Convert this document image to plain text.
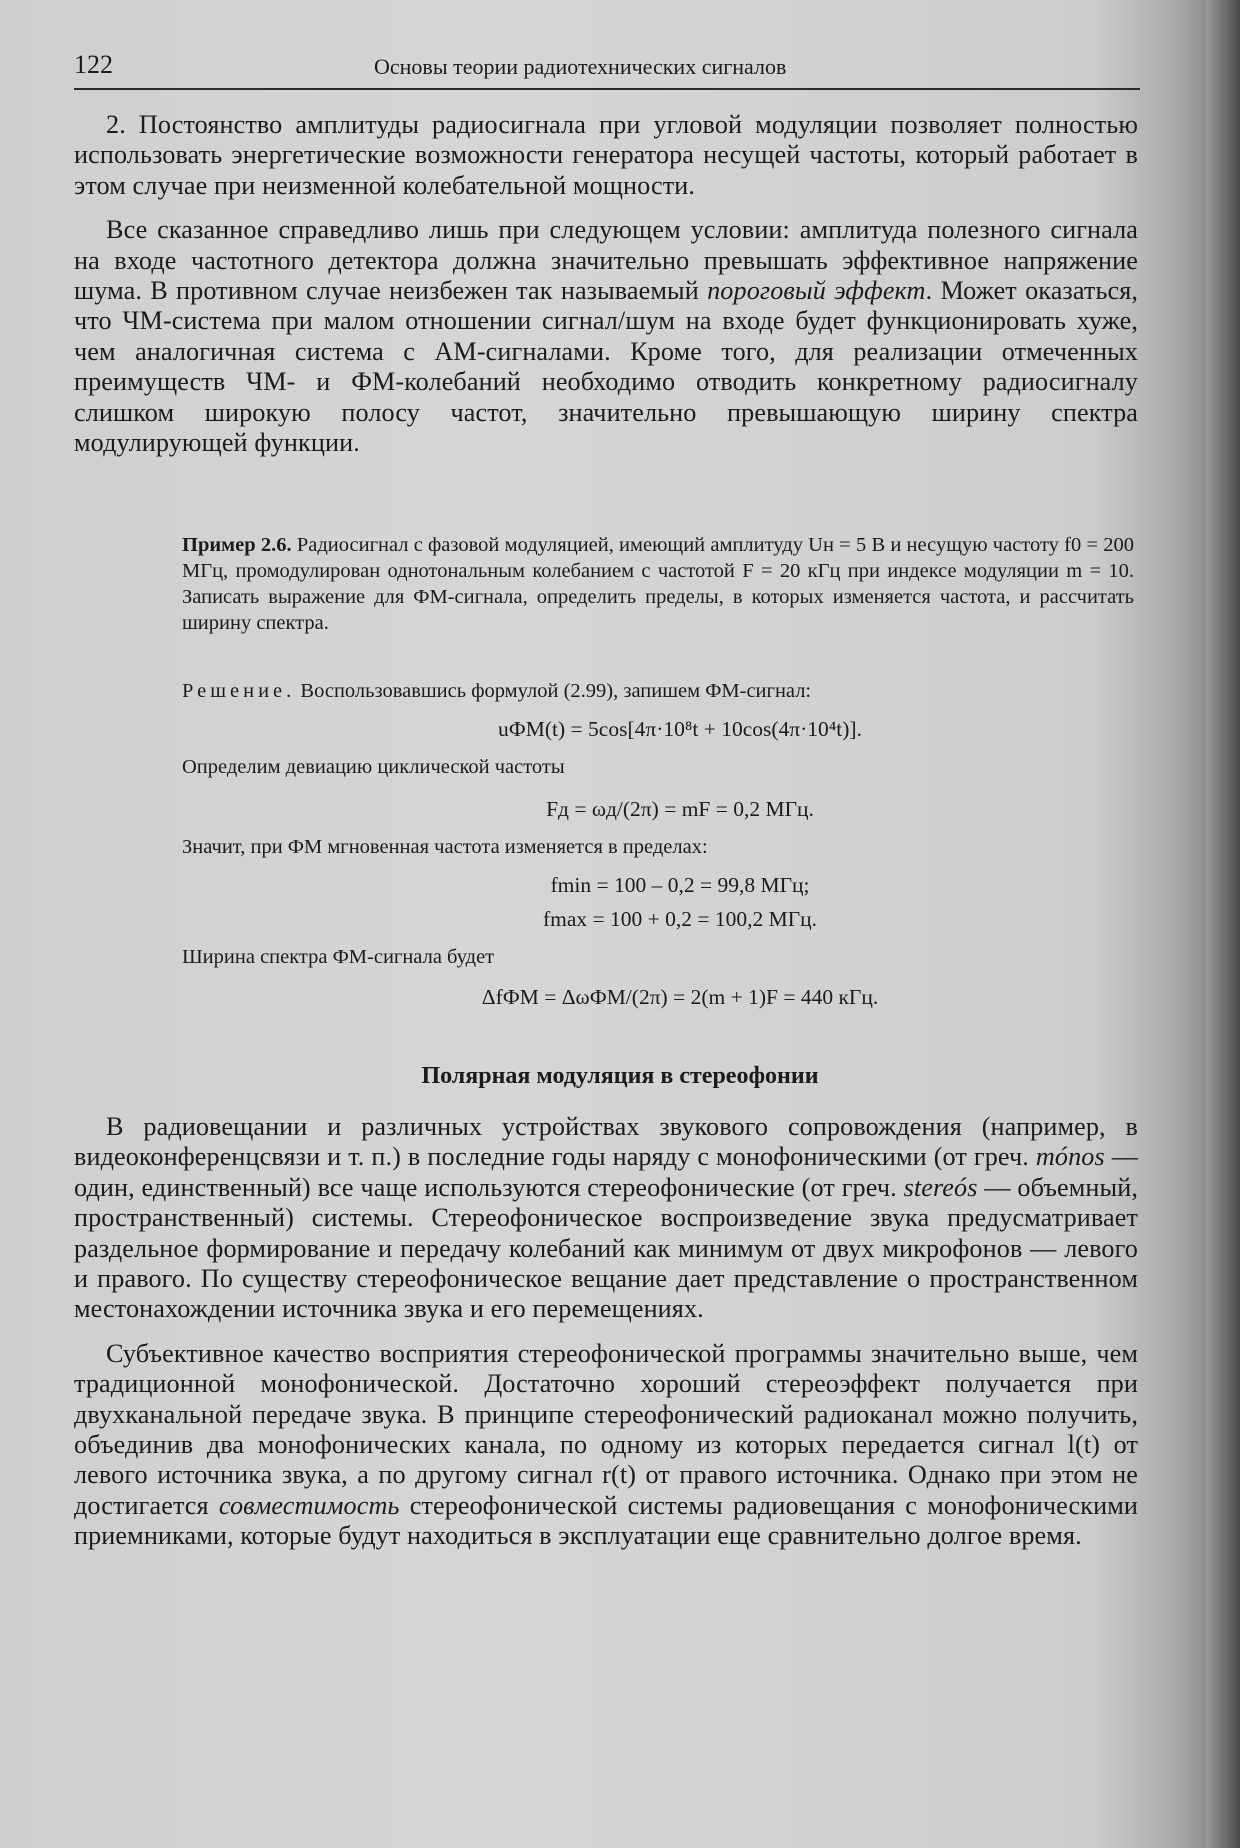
122	Основы теории радиотехнических сигналов

2. Постоянство амплитуды радиосигнала при угловой модуляции позволяет полностью использовать энергетические возможности генератора несущей частоты, который работает в этом случае при неизменной колебательной мощности.

Все сказанное справедливо лишь при следующем условии: амплитуда полезного сигнала на входе частотного детектора должна значительно превышать эффективное напряжение шума. В противном случае неизбежен так называемый пороговый эффект. Может оказаться, что ЧМ-система при малом отношении сигнал/шум на входе будет функционировать хуже, чем аналогичная система с АМ-сигналами. Кроме того, для реализации отмеченных преимуществ ЧМ- и ФМ-колебаний необходимо отводить конкретному радиосигналу слишком широкую полосу частот, значительно превышающую ширину спектра модулирующей функции.

Пример 2.6. Радиосигнал с фазовой модуляцией, имеющий амплитуду Uн = 5 В и несущую частоту f0 = 200 МГц, промодулирован однотональным колебанием с частотой F = 20 кГц при индексе модуляции m = 10. Записать выражение для ФМ-сигнала, определить пределы, в которых изменяется частота, и рассчитать ширину спектра.
Решение. Воспользовавшись формулой (2.99), запишем ФМ-сигнал:
uФМ(t) = 5cos[4π·10⁸t + 10cos(4π·10⁴t)].
Определим девиацию циклической частоты
Fд = ωд/(2π) = mF = 0,2 МГц.
Значит, при ФМ мгновенная частота изменяется в пределах:
fmin = 100 – 0,2 = 99,8 МГц;
fmax = 100 + 0,2 = 100,2 МГц.
Ширина спектра ФМ-сигнала будет
ΔfФМ = ΔωФМ/(2π) = 2(m + 1)F = 440 кГц.
Полярная модуляция в стереофонии

В радиовещании и различных устройствах звукового сопровождения (например, в видеоконференцсвязи и т. п.) в последние годы наряду с монофоническими (от греч. mónos — один, единственный) все чаще используются стереофонические (от греч. stereós — объемный, пространственный) системы. Стереофоническое воспроизведение звука предусматривает раздельное формирование и передачу колебаний как минимум от двух микрофонов — левого и правого. По существу стереофоническое вещание дает представление о пространственном местонахождении источника звука и его перемещениях.

Субъективное качество восприятия стереофонической программы значительно выше, чем традиционной монофонической. Достаточно хороший стереоэффект получается при двухканальной передаче звука. В принципе стереофонический радиоканал можно получить, объединив два монофонических канала, по одному из которых передается сигнал l(t) от левого источника звука, а по другому сигнал r(t) от правого источника. Однако при этом не достигается совместимость стереофонической системы радиовещания с монофоническими приемниками, которые будут находиться в эксплуатации еще сравнительно долгое время.
